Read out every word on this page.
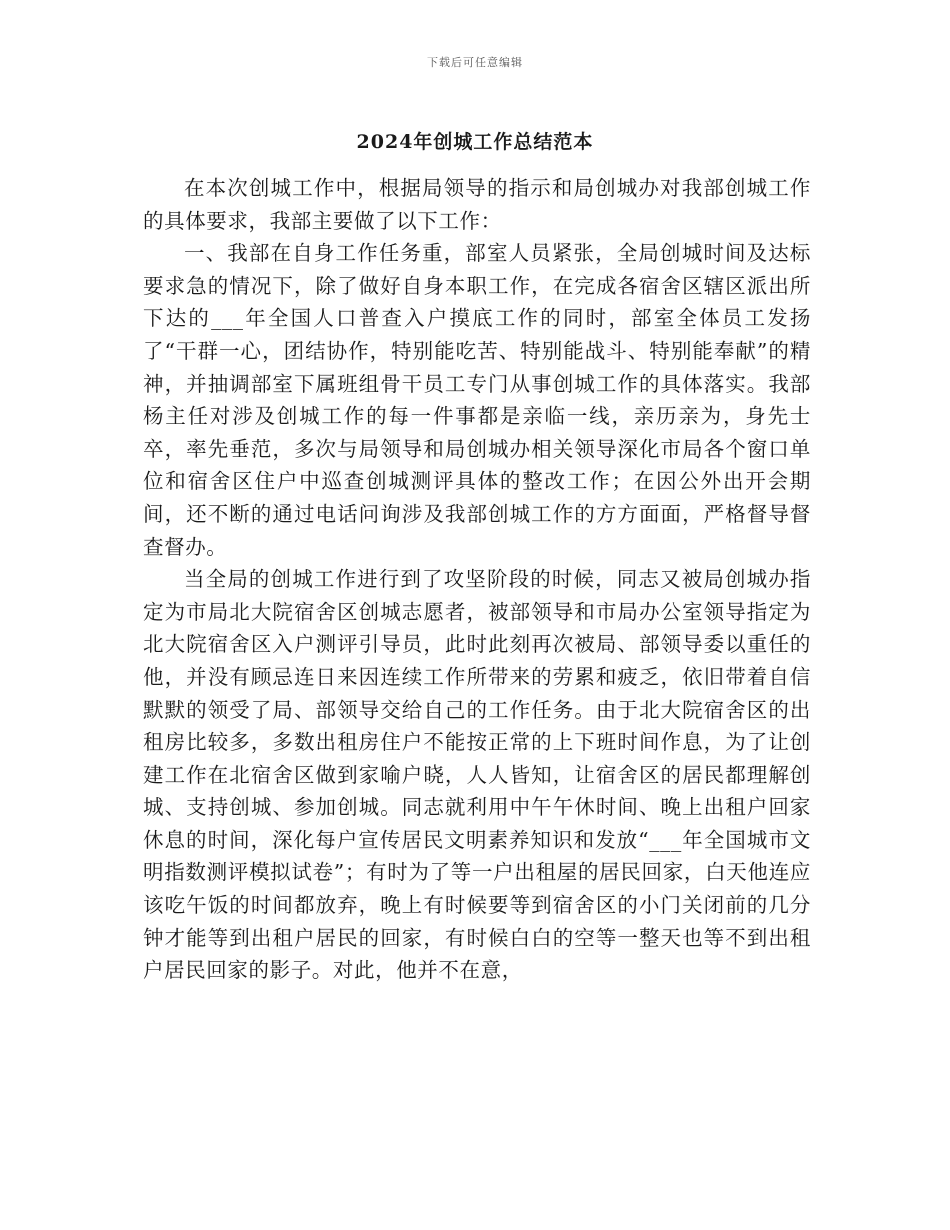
下载后可任意编辑
2024年创城工作总结范本

在本次创城工作中，根据局领导的指示和局创城办对我部创城工作的具体要求，我部主要做了以下工作：

一、我部在自身工作任务重，部室人员紧张，全局创城时间及达标要求急的情况下，除了做好自身本职工作，在完成各宿舍区辖区派出所下达的___年全国人口普查入户摸底工作的同时，部室全体员工发扬了“干群一心，团结协作，特别能吃苦、特别能战斗、特别能奉献”的精神，并抽调部室下属班组骨干员工专门从事创城工作的具体落实。我部杨主任对涉及创城工作的每一件事都是亲临一线，亲历亲为，身先士卒，率先垂范，多次与局领导和局创城办相关领导深化市局各个窗口单位和宿舍区住户中巡查创城测评具体的整改工作；在因公外出开会期间，还不断的通过电话问询涉及我部创城工作的方方面面，严格督导督查督办。

当全局的创城工作进行到了攻坚阶段的时候，同志又被局创城办指定为市局北大院宿舍区创城志愿者，被部领导和市局办公室领导指定为北大院宿舍区入户测评引导员，此时此刻再次被局、部领导委以重任的他，并没有顾忌连日来因连续工作所带来的劳累和疲乏，依旧带着自信默默的领受了局、部领导交给自己的工作任务。由于北大院宿舍区的出租房比较多，多数出租房住户不能按正常的上下班时间作息，为了让创建工作在北宿舍区做到家喻户晓，人人皆知，让宿舍区的居民都理解创城、支持创城、参加创城。同志就利用中午午休时间、晚上出租户回家休息的时间，深化每户宣传居民文明素养知识和发放“___年全国城市文明指数测评模拟试卷”；有时为了等一户出租屋的居民回家，白天他连应该吃午饭的时间都放弃，晚上有时候要等到宿舍区的小门关闭前的几分钟才能等到出租户居民的回家，有时候白白的空等一整天也等不到出租户居民回家的影子。对此，他并不在意，
